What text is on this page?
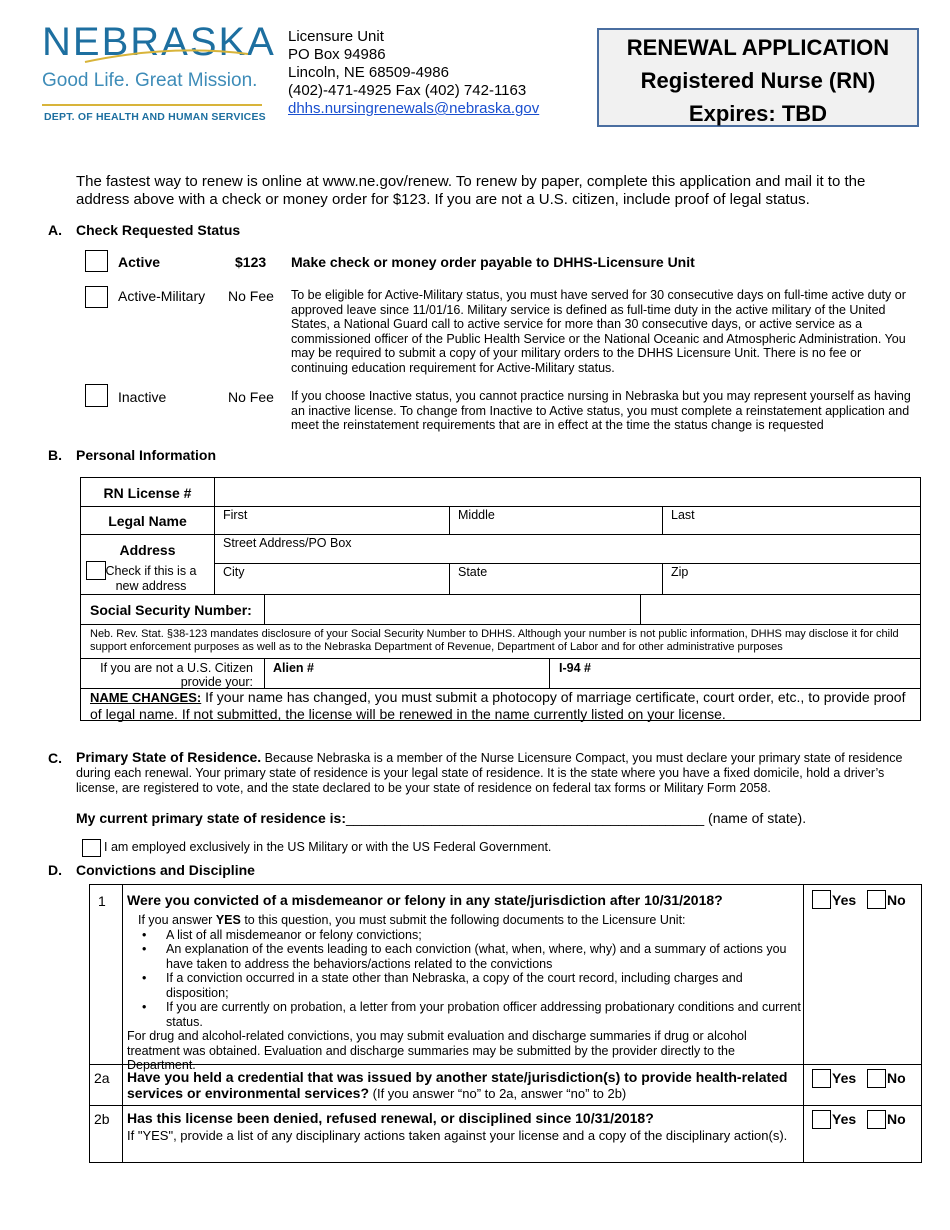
NEBRASKA
Good Life. Great Mission.
DEPT. OF HEALTH AND HUMAN SERVICES
Licensure Unit
PO Box 94986
Lincoln, NE 68509-4986
(402)-471-4925 Fax (402) 742-1163
dhhs.nursingrenewals@nebraska.gov
RENEWAL APPLICATION
Registered Nurse (RN)
Expires: TBD
The fastest way to renew is online at www.ne.gov/renew. To renew by paper, complete this application and mail it to the address above with a check or money order for $123. If you are not a U.S. citizen, include proof of legal status.
A. Check Requested Status
Active	$123 Make check or money order payable to DHHS-Licensure Unit
Active-Military No Fee To be eligible for Active-Military status, you must have served for 30 consecutive days on full-time active duty or approved leave since 11/01/16. Military service is defined as full-time duty in the active military of the United States, a National Guard call to active service for more than 30 consecutive days, or active service as a commissioned officer of the Public Health Service or the National Oceanic and Atmospheric Administration. You may be required to submit a copy of your military orders to the DHHS Licensure Unit. There is no fee or continuing education requirement for Active-Military status.
Inactive	No Fee If you choose Inactive status, you cannot practice nursing in Nebraska but you may represent yourself as having an inactive license. To change from Inactive to Active status, you must complete a reinstatement application and meet the reinstatement requirements that are in effect at the time the status change is requested
B. Personal Information
RN License #
Legal Name	First	Middle	Last
Address
Check if this is a new address
Street Address/PO Box
City	State	Zip
Social Security Number:
Neb. Rev. Stat. §38-123 mandates disclosure of your Social Security Number to DHHS. Although your number is not public information, DHHS may disclose it for child support enforcement purposes as well as to the Nebraska Department of Revenue, Department of Labor and for other administrative purposes
If you are not a U.S. Citizen
provide your:
Alien #	I-94 #
NAME CHANGES: If your name has changed, you must submit a photocopy of marriage certificate, court order, etc., to provide proof of legal name. If not submitted, the license will be renewed in the name currently listed on your license.
C. Primary State of Residence. Because Nebraska is a member of the Nurse Licensure Compact, you must declare your primary state of residence during each renewal. Your primary state of residence is your legal state of residence. It is the state where you have a fixed domicile, hold a driver’s license, are registered to vote, and the state declared to be your state of residence on federal tax forms or Military Form 2058.
My current primary state of residence is:______________________________________________ (name of state).
I am employed exclusively in the US Military or with the US Federal Government.
D. Convictions and Discipline
1 Were you convicted of a misdemeanor or felony in any state/jurisdiction after 10/31/2018?
If you answer YES to this question, you must submit the following documents to the Licensure Unit:
• A list of all misdemeanor or felony convictions;
• An explanation of the events leading to each conviction (what, when, where, why) and a summary of actions you have taken to address the behaviors/actions related to the convictions
• If a conviction occurred in a state other than Nebraska, a copy of the court record, including charges and disposition;
• If you are currently on probation, a letter from your probation officer addressing probationary conditions and current status.
For drug and alcohol-related convictions, you may submit evaluation and discharge summaries if drug or alcohol treatment was obtained. Evaluation and discharge summaries may be submitted by the provider directly to the Department.
Yes No
2a Have you held a credential that was issued by another state/jurisdiction(s) to provide health-related services or environmental services? (If you answer “no” to 2a, answer “no” to 2b)
Yes No
2b Has this license been denied, refused renewal, or disciplined since 10/31/2018?
If "YES", provide a list of any disciplinary actions taken against your license and a copy of the disciplinary action(s).
Yes No
